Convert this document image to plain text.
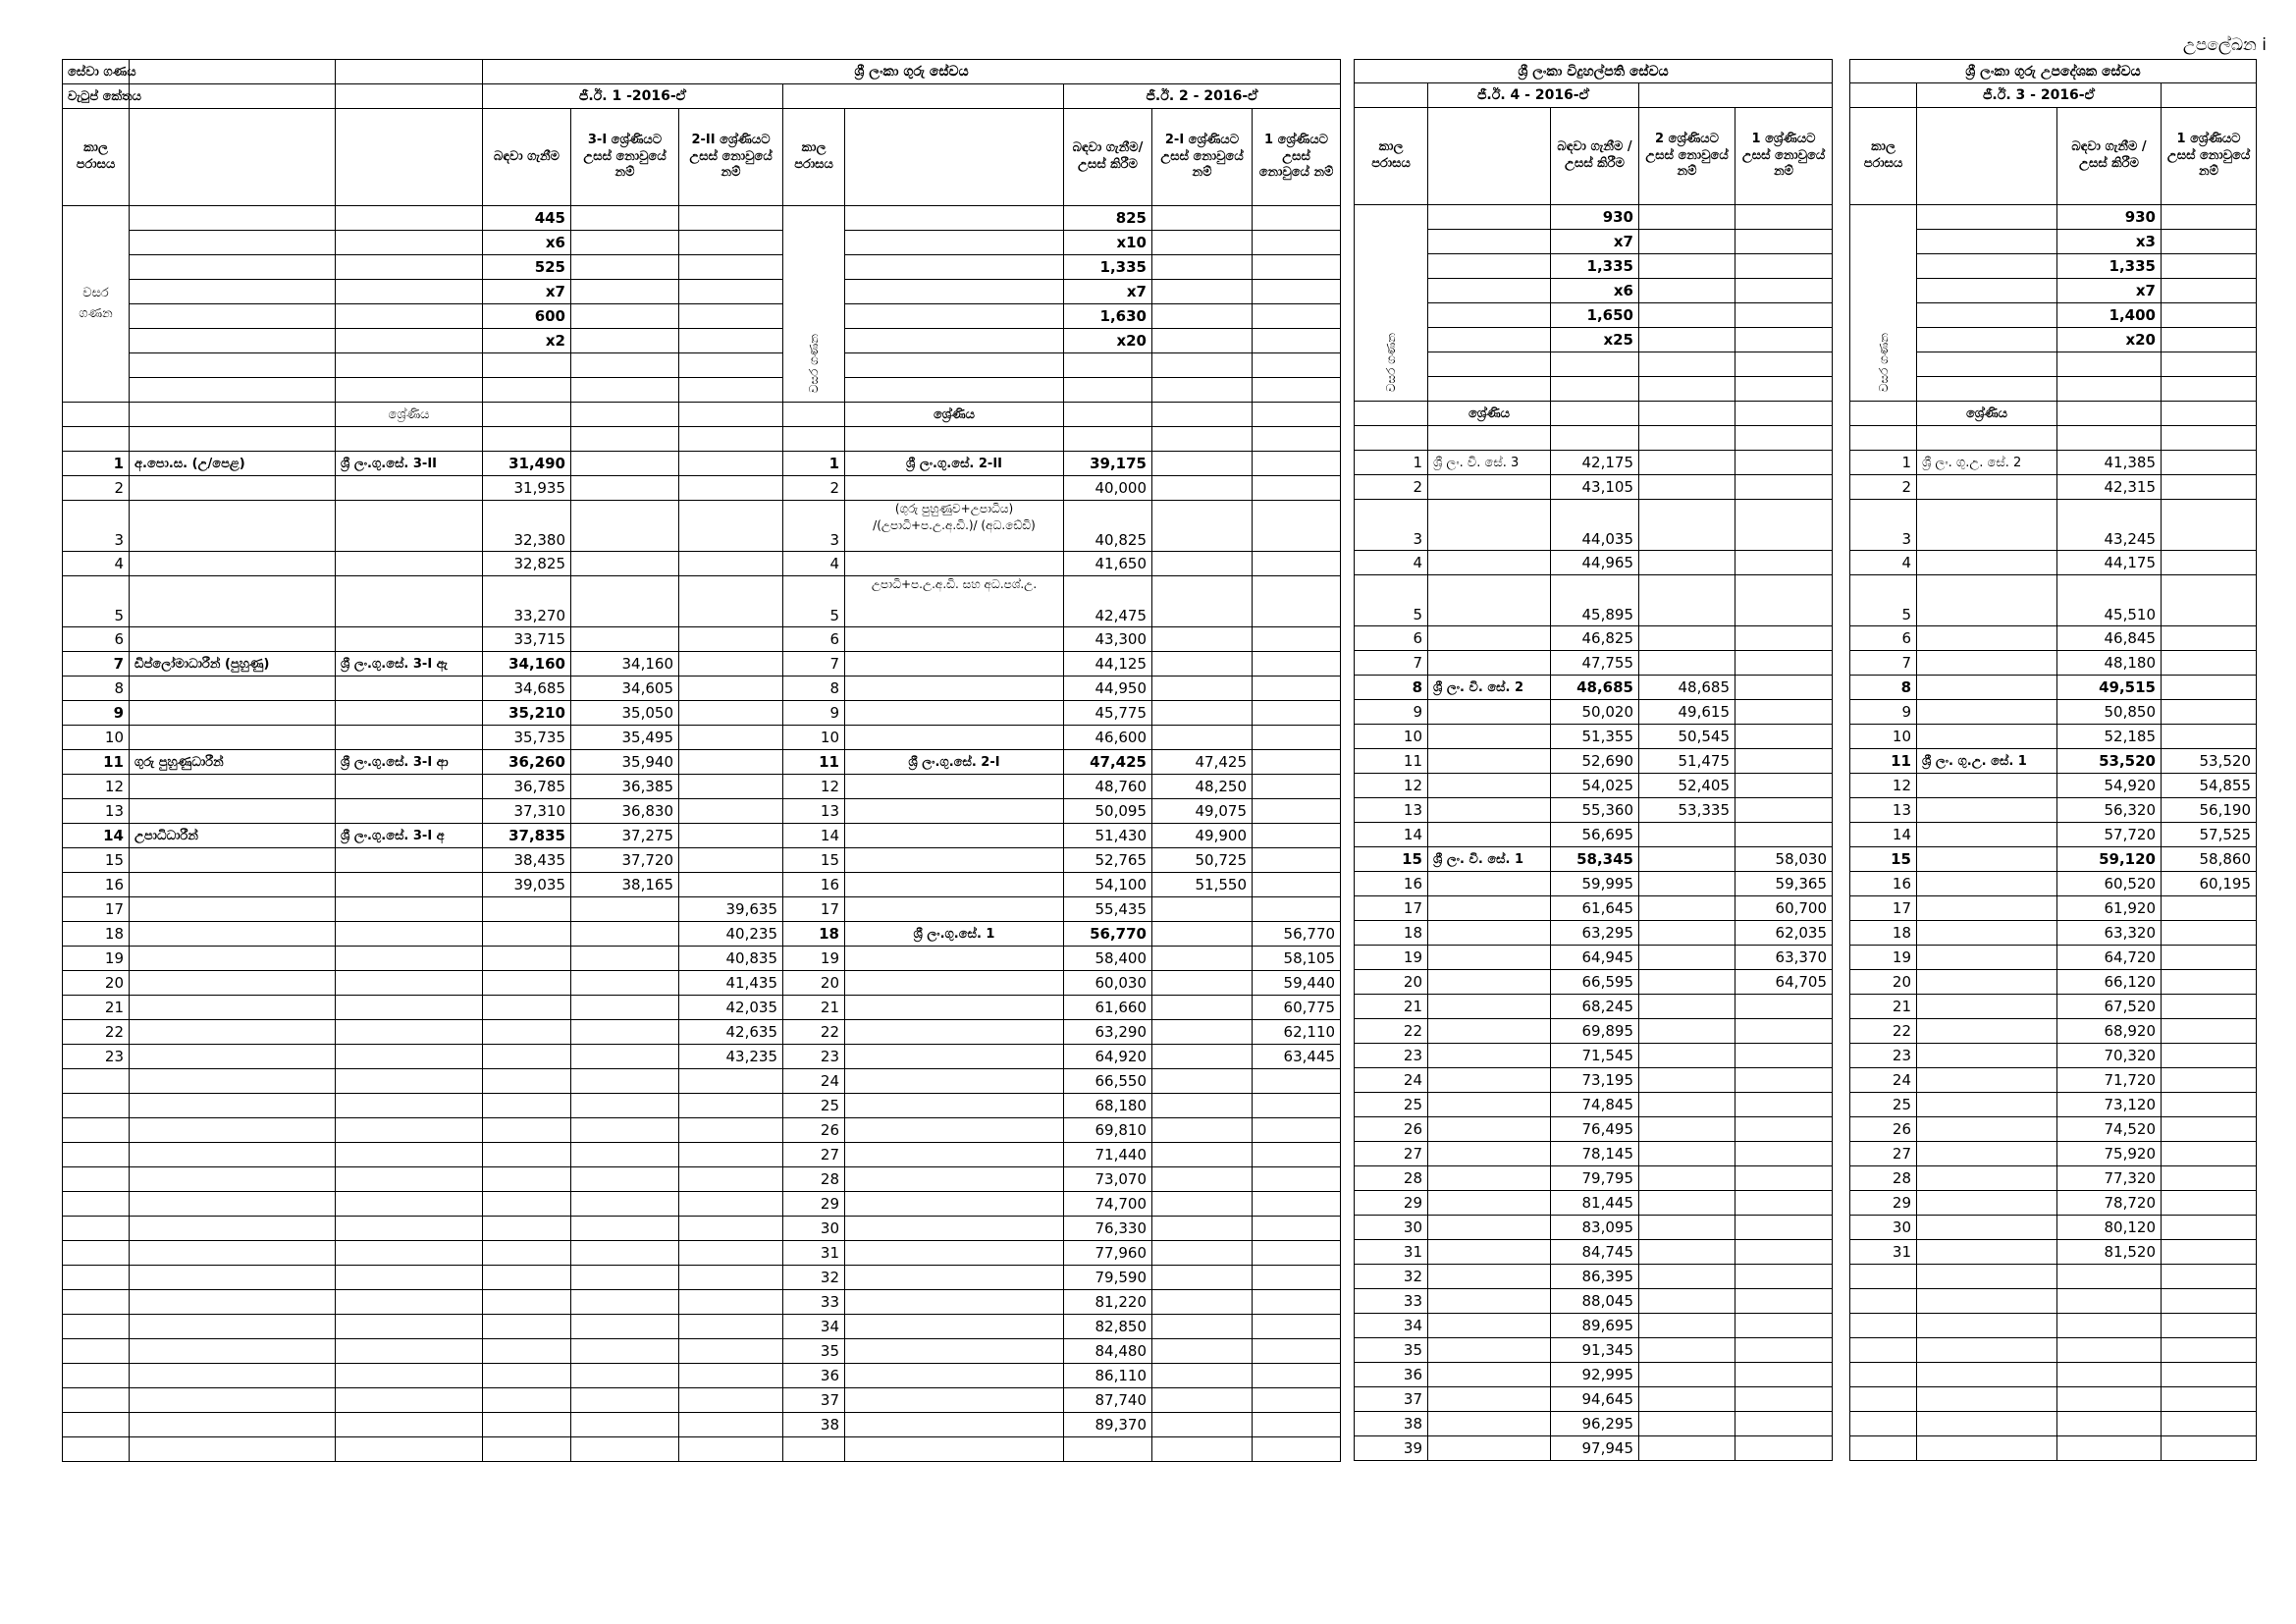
උපලේඛන i
සේවා ගණය			ශ්‍රී ලංකා ගුරු සේවය							
වැටුප් කේතය			ජී.ඊ. 1 -2016-ඒ					ජී.ඊ. 2 - 2016-ඒ		
කාල පරාසය			බඳවා ගැනීම	3-I ශ්‍රේණියට උසස් නොවුයේ නම්	2-II ශ්‍රේණියට උසස් නොවුයේ නම්	කාල පරාසය		බඳවා ගැනීම/ උසස් කිරීම	2-I ශ්‍රේණියට උසස් නොවුයේ නම්	1 ශ්‍රේණියට උසස් නොවුයේ නම්
වසර ගණන			445			වසර ගණන		825		
			x6					x10		
			525					1,335		
			x7					x7		
			600					1,630		
			x2					x20		

		ශ්‍රේණිය					ශ්‍රේණිය			

1	අ.පො.ස. (උ/පෙළ)	ශ්‍රී ලං.ගු.සේ. 3-II	31,490			1	ශ්‍රී ලං.ගු.සේ. 2-II	39,175		
2			31,935			2		40,000		
3			32,380			3	(ගුරු පුහුණුව+උපාධිය) /(උපාධි+ප.උ.අ.ඩි.)/ (අධ.ඩේඩි)	40,825		
4			32,825			4		41,650		
5			33,270			5	උපාධි+ප.උ.අ.ඩි. සහ අධ.පශ්.උ.	42,475		
6			33,715			6		43,300		
7	ඩිප්ලෝමාධාරීන් (පුහුණු)	ශ්‍රී ලං.ගු.සේ. 3-I ඇ	34,160	34,160		7		44,125		
8			34,685	34,605		8		44,950		
9			35,210	35,050		9		45,775		
10			35,735	35,495		10		46,600		
11	ගුරු පුහුණුධාරීන්	ශ්‍රී ලං.ගු.සේ. 3-I ආ	36,260	35,940		11	ශ්‍රී ලං.ගු.සේ. 2-I	47,425	47,425	
12			36,785	36,385		12		48,760	48,250	
13			37,310	36,830		13		50,095	49,075	
14	උපාධිධාරීන්	ශ්‍රී ලං.ගු.සේ. 3-I අ	37,835	37,275		14		51,430	49,900	
15			38,435	37,720		15		52,765	50,725	
16			39,035	38,165		16		54,100	51,550	
17					39,635	17		55,435		
18					40,235	18	ශ්‍රී ලං.ගු.සේ. 1	56,770		56,770
19					40,835	19		58,400		58,105
20					41,435	20		60,030		59,440
21					42,035	21		61,660		60,775
22					42,635	22		63,290		62,110
23					43,235	23		64,920		63,445
						24		66,550		
						25		68,180		
						26		69,810		
						27		71,440		
						28		73,070		
						29		74,700		
						30		76,330		
						31		77,960		
						32		79,590		
						33		81,220		
						34		82,850		
						35		84,480		
						36		86,110		
						37		87,740		
						38		89,370		

ශ්‍රී ලංකා විදුහල්පති සේවය				
	ජී.ඊ. 4 - 2016-ඒ			
කාල පරාසය		බඳවා ගැනීම / උසස් කිරීම	2 ශ්‍රේණියට උසස් නොවුයේ නම්	1 ශ්‍රේණියට උසස් නොවුයේ නම්
වසර ගණන		930		
		x7		
		1,335		
		x6		
		1,650		
		x25		

	ශ්‍රේණිය			

1	ශ්‍රී ලං. වි. සේ. 3	42,175		
2		43,105		
3		44,035		
4		44,965		
5		45,895		
6		46,825		
7		47,755		
8	ශ්‍රී ලං. වි. සේ. 2	48,685	48,685	
9		50,020	49,615	
10		51,355	50,545	
11		52,690	51,475	
12		54,025	52,405	
13		55,360	53,335	
14		56,695		
15	ශ්‍රී ලං. වි. සේ. 1	58,345		58,030
16		59,995		59,365
17		61,645		60,700
18		63,295		62,035
19		64,945		63,370
20		66,595		64,705
21		68,245		
22		69,895		
23		71,545		
24		73,195		
25		74,845		
26		76,495		
27		78,145		
28		79,795		
29		81,445		
30		83,095		
31		84,745		
32		86,395		
33		88,045		
34		89,695		
35		91,345		
36		92,995		
37		94,645		
38		96,295		
39		97,945		
ශ්‍රී ලංකා ගුරු උපදේශක සේවය			
	ජී.ඊ. 3 - 2016-ඒ		
කාල පරාසය		බඳවා ගැනීම / උසස් කිරීම	1 ශ්‍රේණියට උසස් නොවුයේ නම්
වසර ගණන		930	
		x3	
		1,335	
		x7	
		1,400	
		x20	

	ශ්‍රේණිය		

1	ශ්‍රී ලං. ගු.උ. සේ. 2	41,385	
2		42,315	
3		43,245	
4		44,175	
5		45,510	
6		46,845	
7		48,180	
8		49,515	
9		50,850	
10		52,185	
11	ශ්‍රී ලං. ගු.උ. සේ. 1	53,520	53,520
12		54,920	54,855
13		56,320	56,190
14		57,720	57,525
15		59,120	58,860
16		60,520	60,195
17		61,920	
18		63,320	
19		64,720	
20		66,120	
21		67,520	
22		68,920	
23		70,320	
24		71,720	
25		73,120	
26		74,520	
27		75,920	
28		77,320	
29		78,720	
30		80,120	
31		81,520	
